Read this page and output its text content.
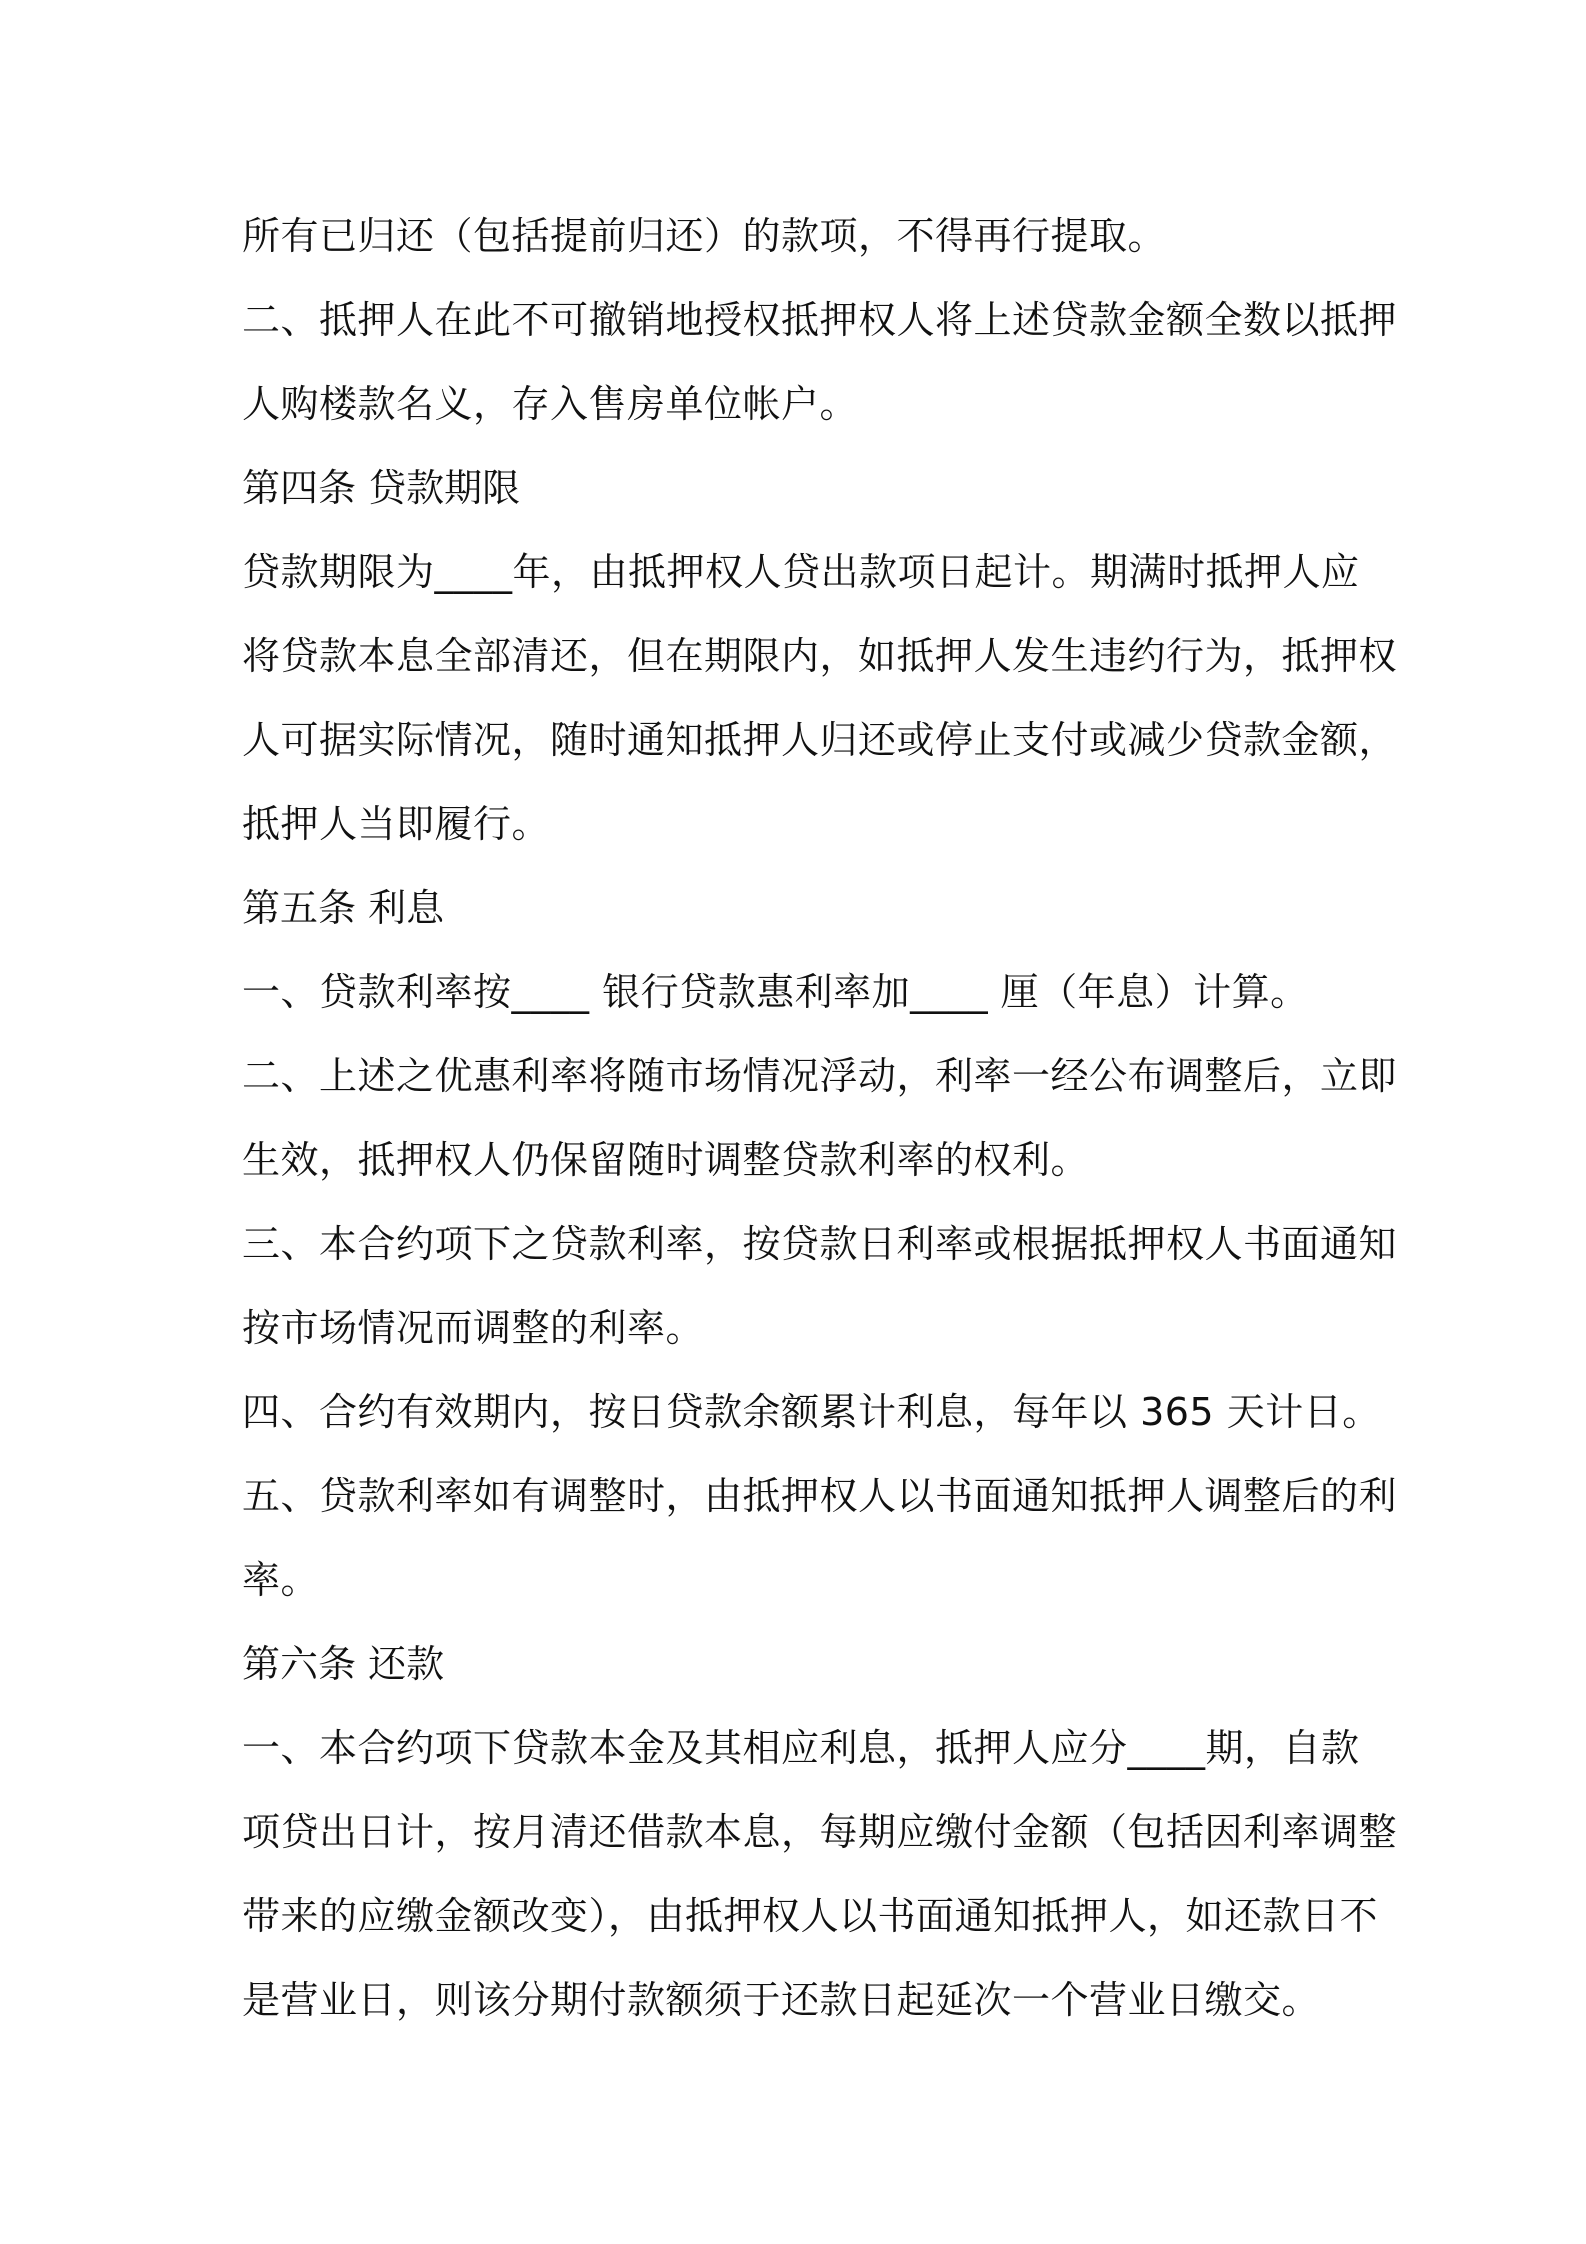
所有已归还（包括提前归还）的款项，不得再行提取。
二、抵押人在此不可撤销地授权抵押权人将上述贷款金额全数以抵押
人购楼款名义，存入售房单位帐户。
第四条 贷款期限
贷款期限为____年，由抵押权人贷出款项日起计。期满时抵押人应
将贷款本息全部清还，但在期限内，如抵押人发生违约行为，抵押权
人可据实际情况，随时通知抵押人归还或停止支付或减少贷款金额，
抵押人当即履行。
第五条 利息
一、贷款利率按____ 银行贷款惠利率加____ 厘（年息）计算。
二、上述之优惠利率将随市场情况浮动，利率一经公布调整后，立即
生效，抵押权人仍保留随时调整贷款利率的权利。
三、本合约项下之贷款利率，按贷款日利率或根据抵押权人书面通知
按市场情况而调整的利率。
四、合约有效期内，按日贷款余额累计利息，每年以 365 天计日。
五、贷款利率如有调整时，由抵押权人以书面通知抵押人调整后的利
率。
第六条 还款
一、本合约项下贷款本金及其相应利息，抵押人应分____期，自款
项贷出日计，按月清还借款本息，每期应缴付金额（包括因利率调整
带来的应缴金额改变），由抵押权人以书面通知抵押人，如还款日不
是营业日，则该分期付款额须于还款日起延次一个营业日缴交。
